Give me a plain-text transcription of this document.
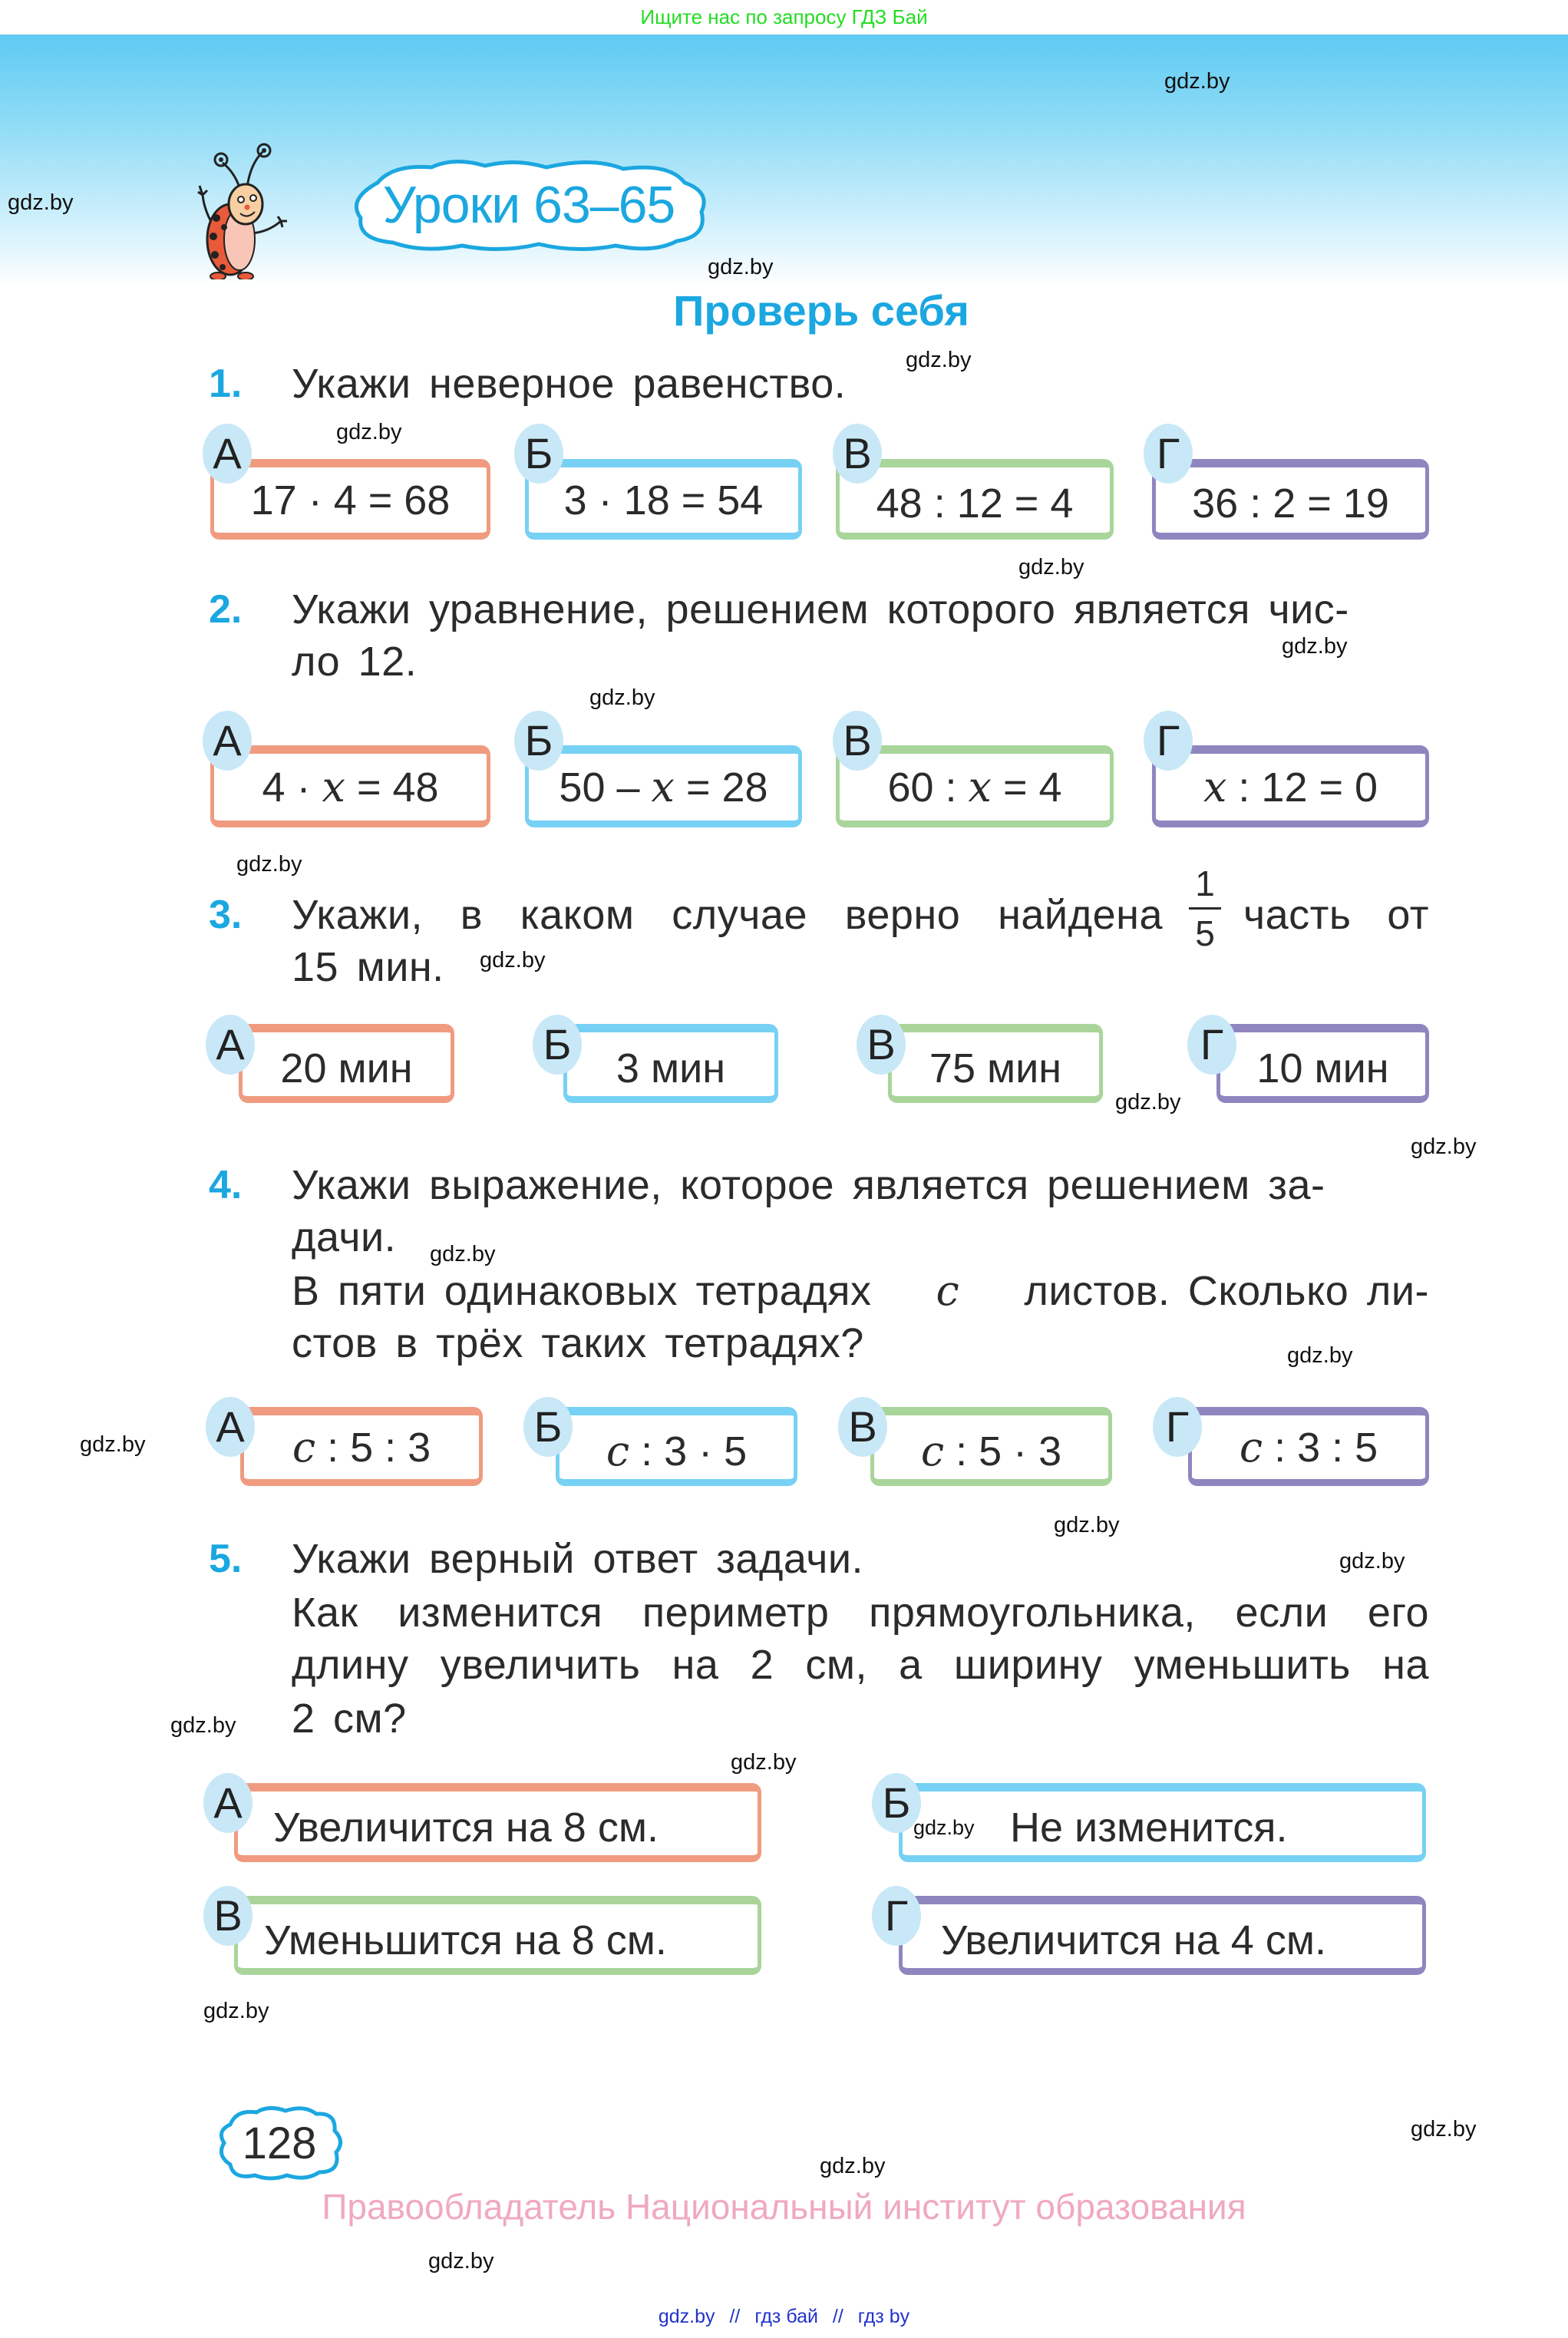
Ищите нас по запросу ГДЗ Бай
gdz.by
gdz.by
gdz.by
gdz.by
gdz.by
gdz.by
gdz.by
gdz.by
gdz.by
gdz.by
gdz.by
gdz.by
gdz.by
gdz.by
gdz.by
gdz.by
gdz.by
gdz.by
gdz.by
gdz.by
gdz.by
gdz.by
gdz.by
Уроки 63–65
Проверь себя
1. Укажи неверное равенство.
17 · 4 = 68
А
3 · 18 = 54
Б
48 : 12 = 4
В
36 : 2 = 19
Г
2. Укажи уравнение, решением которого является чис-
ло 12.
4 · x = 48
А
50 – x = 28
Б
60 : x = 4
В
x : 12 = 0
Г
3. Укажи, в каком случае верно найдена
1
5 часть от
15 мин.
20 мин
А	3 мин
Б	75 мин
В	10 мин
Г
4. Укажи выражение, которое является решением за-
дачи.
В пяти одинаковых тетрадях c листов. Сколько ли-
стов в трёх таких тетрадях?
c : 5 : 3
А
c : 3 · 5
Б
c : 5 · 3
В	c : 3 : 5
Г
5. Укажи верный ответ задачи.
Как изменится периметр прямоугольника, если его
длину увеличить на 2 см, а ширину уменьшить на
2 см?
Увеличится на 8 см.
А
Не изменится.
Б
gdz.by
Уменьшится на 8 см.
В
Увеличится на 4 см.
Г
128
Правообладатель Национальный институт образования
gdz.by // гдз бай // гдз by
